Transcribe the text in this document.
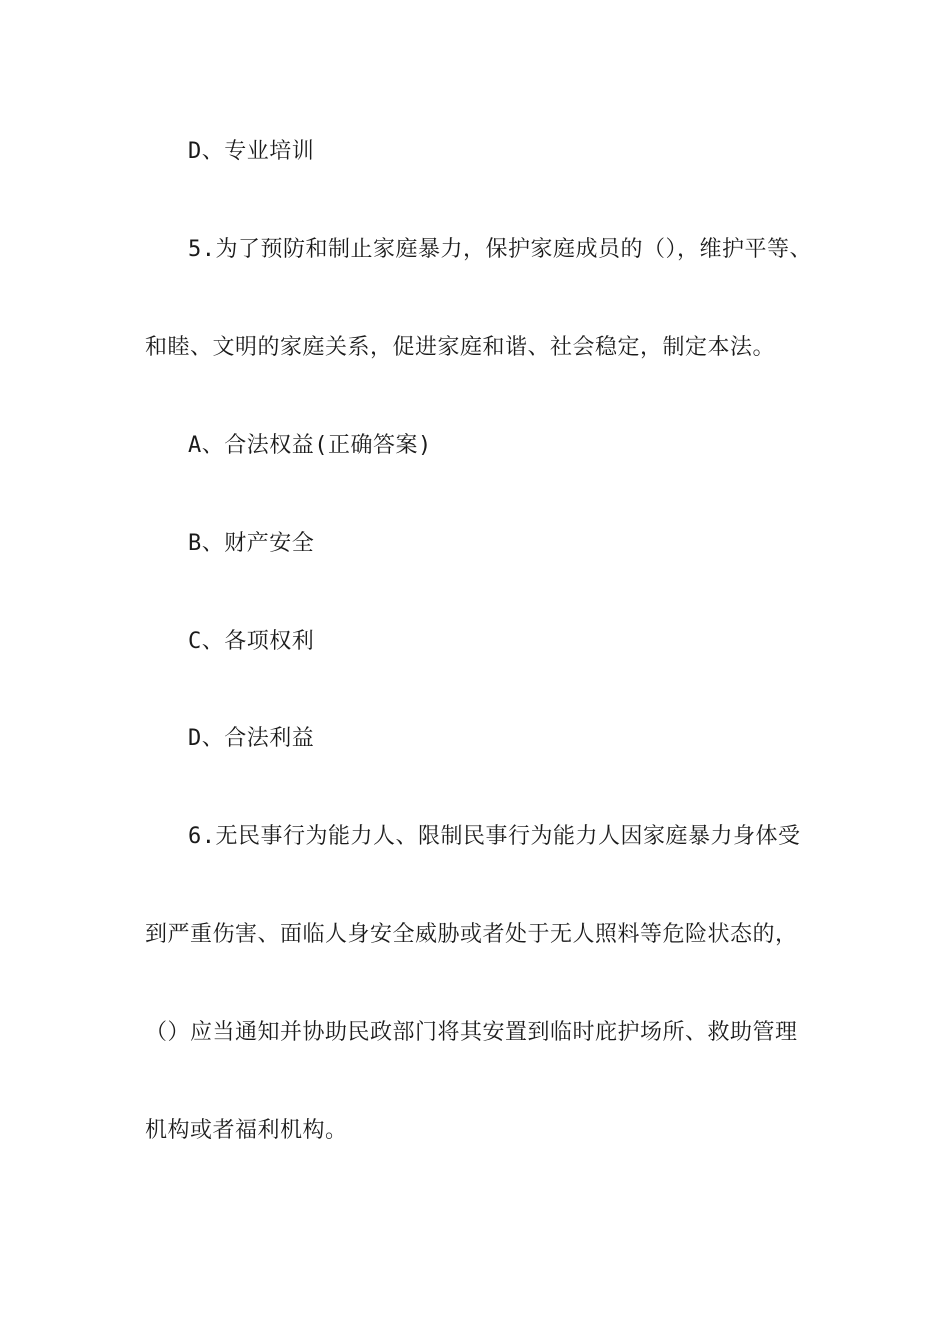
D、专业培训
5.为了预防和制止家庭暴力，保护家庭成员的（），维护平等、
和睦、文明的家庭关系，促进家庭和谐、社会稳定，制定本法。
A、合法权益(正确答案)
B、财产安全
C、各项权利
D、合法利益
6.无民事行为能力人、限制民事行为能力人因家庭暴力身体受
到严重伤害、面临人身安全威胁或者处于无人照料等危险状态的，
（）应当通知并协助民政部门将其安置到临时庇护场所、救助管理
机构或者福利机构。
